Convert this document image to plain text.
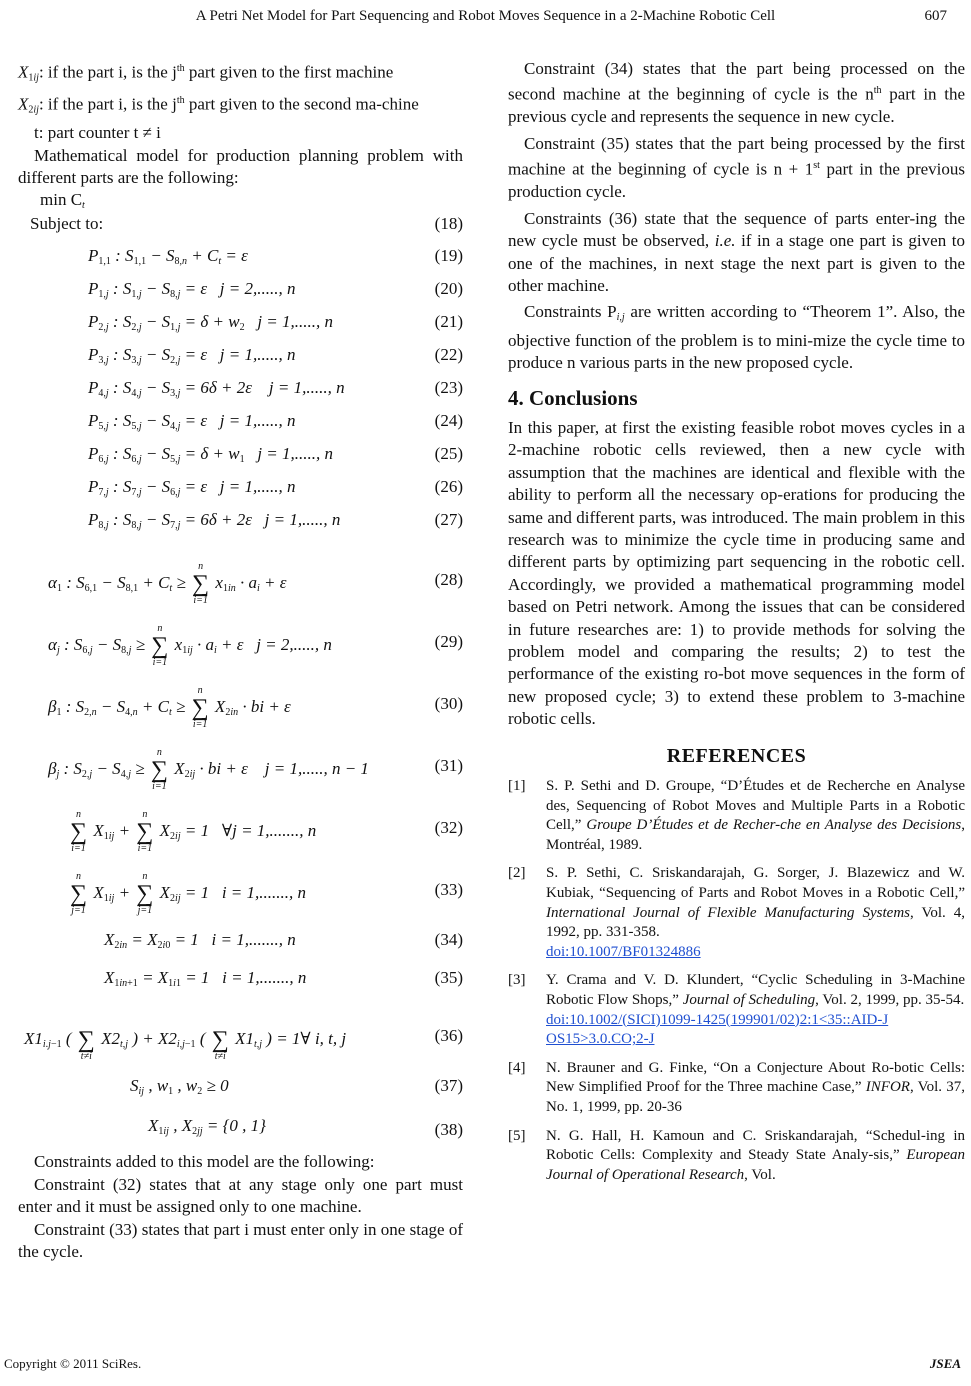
A Petri Net Model for Part Sequencing and Robot Moves Sequence in a 2-Machine Robotic Cell	607

$X_{1ij}$: if the part i, is the $j^{th}$ part given to the first machine

$X_{2ij}$: if the part i, is the $j^{th}$ part given to the second ma-chine

t: part counter t ≠ i

Mathematical model for production planning problem with different parts are the following:

$\min C_t$
Subject to:	(18)
$P_{1,1}$ : $S_{1,1} - S_{8,n} + C_t = \varepsilon$	(19)
$P_{1,j}$ : $S_{1,j} - S_{8,j} = \varepsilon$   j = 2,....., n	(20)
$P_{2,j}$ : $S_{2,j} - S_{1,j} = \delta + w_2$   j = 1,....., n	(21)
$P_{3,j}$ : $S_{3,j} - S_{2,j} = \varepsilon$   j = 1,....., n	(22)
$P_{4,j}$ : $S_{4,j} - S_{3,j} = 6\delta + 2\varepsilon$    j = 1,....., n	(23)
$P_{5,j}$ : $S_{5,j} - S_{4,j} = \varepsilon$   j = 1,....., n	(24)
$P_{6,j}$ : $S_{6,j} - S_{5,j} = \delta + w_1$   j = 1,....., n	(25)
$P_{7,j}$ : $S_{7,j} - S_{6,j} = \varepsilon$   j = 1,....., n	(26)
$P_{8,j}$ : $S_{8,j} - S_{7,j} = 6\delta + 2\varepsilon$   j = 1,....., n	(27)
$\alpha_1$ : $S_{6,1} - S_{8,1} + C_t$ ≥
n
∑
i=1
$x_{1in} \cdot a_i + \varepsilon$	(28)
$\alpha_j$ : $S_{6,j} - S_{8,j}$ ≥
n
∑
i=1
$x_{1ij} \cdot a_i + \varepsilon$   j = 2,....., n	(29)
$\beta_1$ : $S_{2,n} - S_{4,n} + C_t$ ≥
n
∑
i=1
$X_{2in}$ · bi + ε	(30)
$\beta_j$ : $S_{2,j} - S_{4,j}$ ≥
n
∑
i=1
$X_{2ij}$ · bi + ε    j = 1,....., n − 1	(31)
n
∑
i=1
$X_{1ij}$ +
n
∑
i=1
$X_{2ij} = 1$   ∀j = 1,......., n	(32)
n
∑
j=1
$X_{1ij}$ +
n
∑
j=1
$X_{2ij} = 1$   i = 1,......., n	(33)
$X_{2in} = X_{2i0} = 1$   i = 1,......., n	(34)
$X_{1in+1} = X_{1i1} = 1$   i = 1,......., n	(35)
$X1_{i.j-1}$ (
∑
t≠i
$X2_{t,j}$ ) + $X2_{i,j-1}$ (
∑
t≠i
$X1_{t,j}$ ) = 1∀ i, t, j	(36)
$S_{ij}$ , $w_1$ , $w_2 \ge 0$	(37)
$X_{1ij}$ , $X_{2jj} = \{0$ , 1}	(38)

Constraints added to this model are the following:

Constraint (32) states that at any stage only one part must enter and it must be assigned only to one machine.

Constraint (33) states that part i must enter only in one stage of the cycle.

Constraint (34) states that the part being processed on the second machine at the beginning of cycle is the $n^{th}$ part in the previous cycle and represents the sequence in new cycle.

Constraint (35) states that the part being processed by the first machine at the beginning of cycle is n + 1st part in the previous production cycle.

Constraints (36) state that the sequence of parts enter-ing the new cycle must be observed, i.e. if in a stage one part is given to one of the machines, in next stage the next part is given to the other machine.

Constraints $P_{i,j}$ are written according to “Theorem 1”. Also, the objective function of the problem is to mini-mize the cycle time to produce n various parts in the new proposed cycle.

4. Conclusions

In this paper, at first the existing feasible robot moves cycles in a 2-machine robotic cells reviewed, then a new cycle with assumption that the machines are identical and flexible with the ability to perform all the necessary op-erations for producing the same and different parts, was introduced. The main problem in this research was to minimize the cycle time in producing same and different parts by optimizing part sequencing in the robotic cell. Accordingly, we provided a mathematical programming model based on Petri network. Among the issues that can be considered in future researches are: 1) to provide methods for solving the problem model and comparing the results; 2) to test the performance of the existing ro-bot move sequences in the form of new proposed cycle; 3) to extend these problem to 3-machine robotic cells.

REFERENCES
[1] S. P. Sethi and D. Groupe, “D’Études et de Recherche en Analyse des, Sequencing of Robot Moves and Multiple Parts in a Robotic Cell,” Groupe D’Études et de Recher-che en Analyse des Decisions, Montréal, 1989.
[2] S. P. Sethi, C. Sriskandarajah, G. Sorger, J. Blazewicz and W. Kubiak, “Sequencing of Parts and Robot Moves in a Robotic Cell,” International Journal of Flexible Manufacturing Systems, Vol. 4, 1992, pp. 331-358.
doi:10.1007/BF01324886
[3] Y. Crama and V. D. Klundert, “Cyclic Scheduling in 3-Machine Robotic Flow Shops,” Journal of Scheduling, Vol. 2, 1999, pp. 35-54.
doi:10.1002/(SICI)1099-1425(199901/02)2:1<35::AID-J OS15>3.0.CO;2-J
[4] N. Brauner and G. Finke, “On a Conjecture About Ro-botic Cells: New Simplified Proof for the Three machine Case,” INFOR, Vol. 37, No. 1, 1999, pp. 20-36
[5] N. G. Hall, H. Kamoun and C. Sriskandarajah, “Schedul-ing in Robotic Cells: Complexity and Steady State Analy-sis,” European Journal of Operational Research, Vol.
Copyright © 2011 SciRes.	JSEA
